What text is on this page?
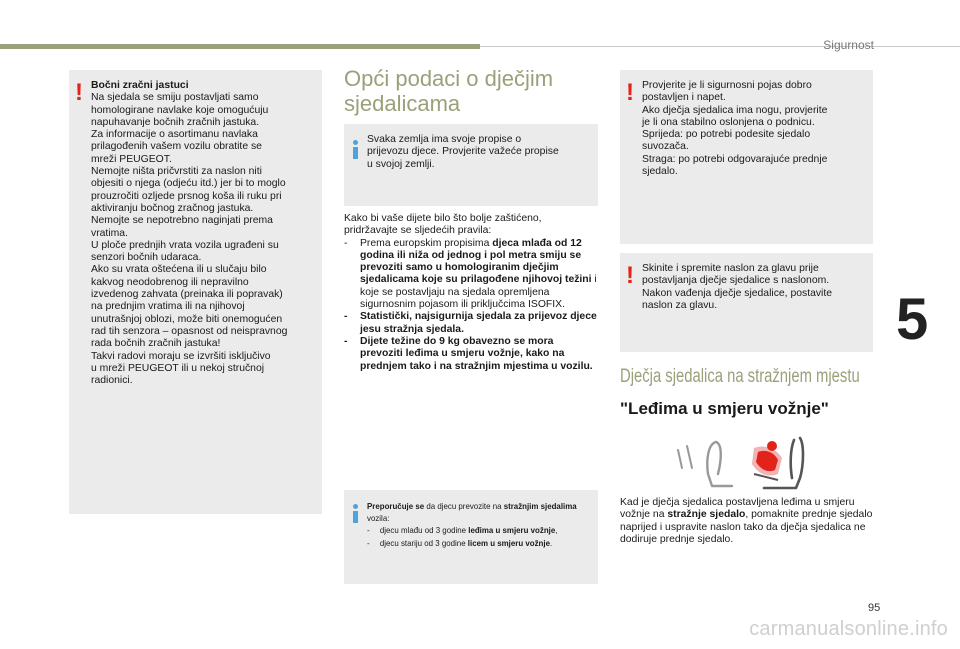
Sigurnost
! Bočni zračni jastuci
Na sjedala se smiju postavljati samo
homologirane navlake koje omogućuju
napuhavanje bočnih zračnih jastuka.
Za informacije o asortimanu navlaka
prilagođenih vašem vozilu obratite se
mreži PEUGEOT.
Nemojte ništa pričvrstiti za naslon niti
objesiti o njega (odjeću itd.) jer bi to moglo
prouzročiti ozljede prsnog koša ili ruku pri
aktiviranju bočnog zračnog jastuka.
Nemojte se nepotrebno naginjati prema
vratima.
U ploče prednjih vrata vozila ugrađeni su
senzori bočnih udaraca.
Ako su vrata oštećena ili u slučaju bilo
kakvog neodobrenog ili nepravilno
izvedenog zahvata (preinaka ili popravak)
na prednjim vratima ili na njihovoj
unutrašnjoj oblozi, može biti onemogućen
rad tih senzora – opasnost od neispravnog
rada bočnih zračnih jastuka!
Takvi radovi moraju se izvršiti isključivo
u mreži PEUGEOT ili u nekoj stručnoj
radionici.
Opći podaci o dječjim
sjedalicama
Svaka zemlja ima svoje propise o
prijevozu djece. Provjerite važeće propise
u svojoj zemlji.
Kako bi vaše dijete bilo što bolje zaštićeno,
pridržavajte se sljedećih pravila:
- Prema europskim propisima djeca mlađa od 12 godina ili niža od jednog i pol metra smiju se prevoziti samo u homologiranim dječjim sjedalicama koje su prilagođene njihovoj težini i koje se postavljaju na sjedala opremljena sigurnosnim pojasom ili priključcima ISOFIX.
- Statistički, najsigurnija sjedala za prijevoz djece jesu stražnja sjedala.
- Dijete težine do 9 kg obavezno se mora prevoziti leđima u smjeru vožnje, kako na prednjem tako i na stražnjim mjestima u vozilu.
Preporučuje se da djecu prevozite na stražnjim sjedalima vozila:
- djecu mlađu od 3 godine leđima u smjeru vožnje,
- djecu stariju od 3 godine licem u smjeru vožnje.
! Provjerite je li sigurnosni pojas dobro
postavljen i napet.
Ako dječja sjedalica ima nogu, provjerite
je li ona stabilno oslonjena o podnicu.
Sprijeda: po potrebi podesite sjedalo
suvozača.
Straga: po potrebi odgovarajuće prednje
sjedalo.
! Skinite i spremite naslon za glavu prije
postavljanja dječje sjedalice s naslonom.
Nakon vađenja dječje sjedalice, postavite
naslon za glavu.
Dječja sjedalica na stražnjem mjestu
"Leđima u smjeru vožnje"
Kad je dječja sjedalica postavljena leđima u smjeru vožnje na stražnje sjedalo, pomaknite prednje sjedalo naprijed i uspravite naslon tako da dječja sjedalica ne dodiruje prednje sjedalo.
5
95
carmanualsonline.info
